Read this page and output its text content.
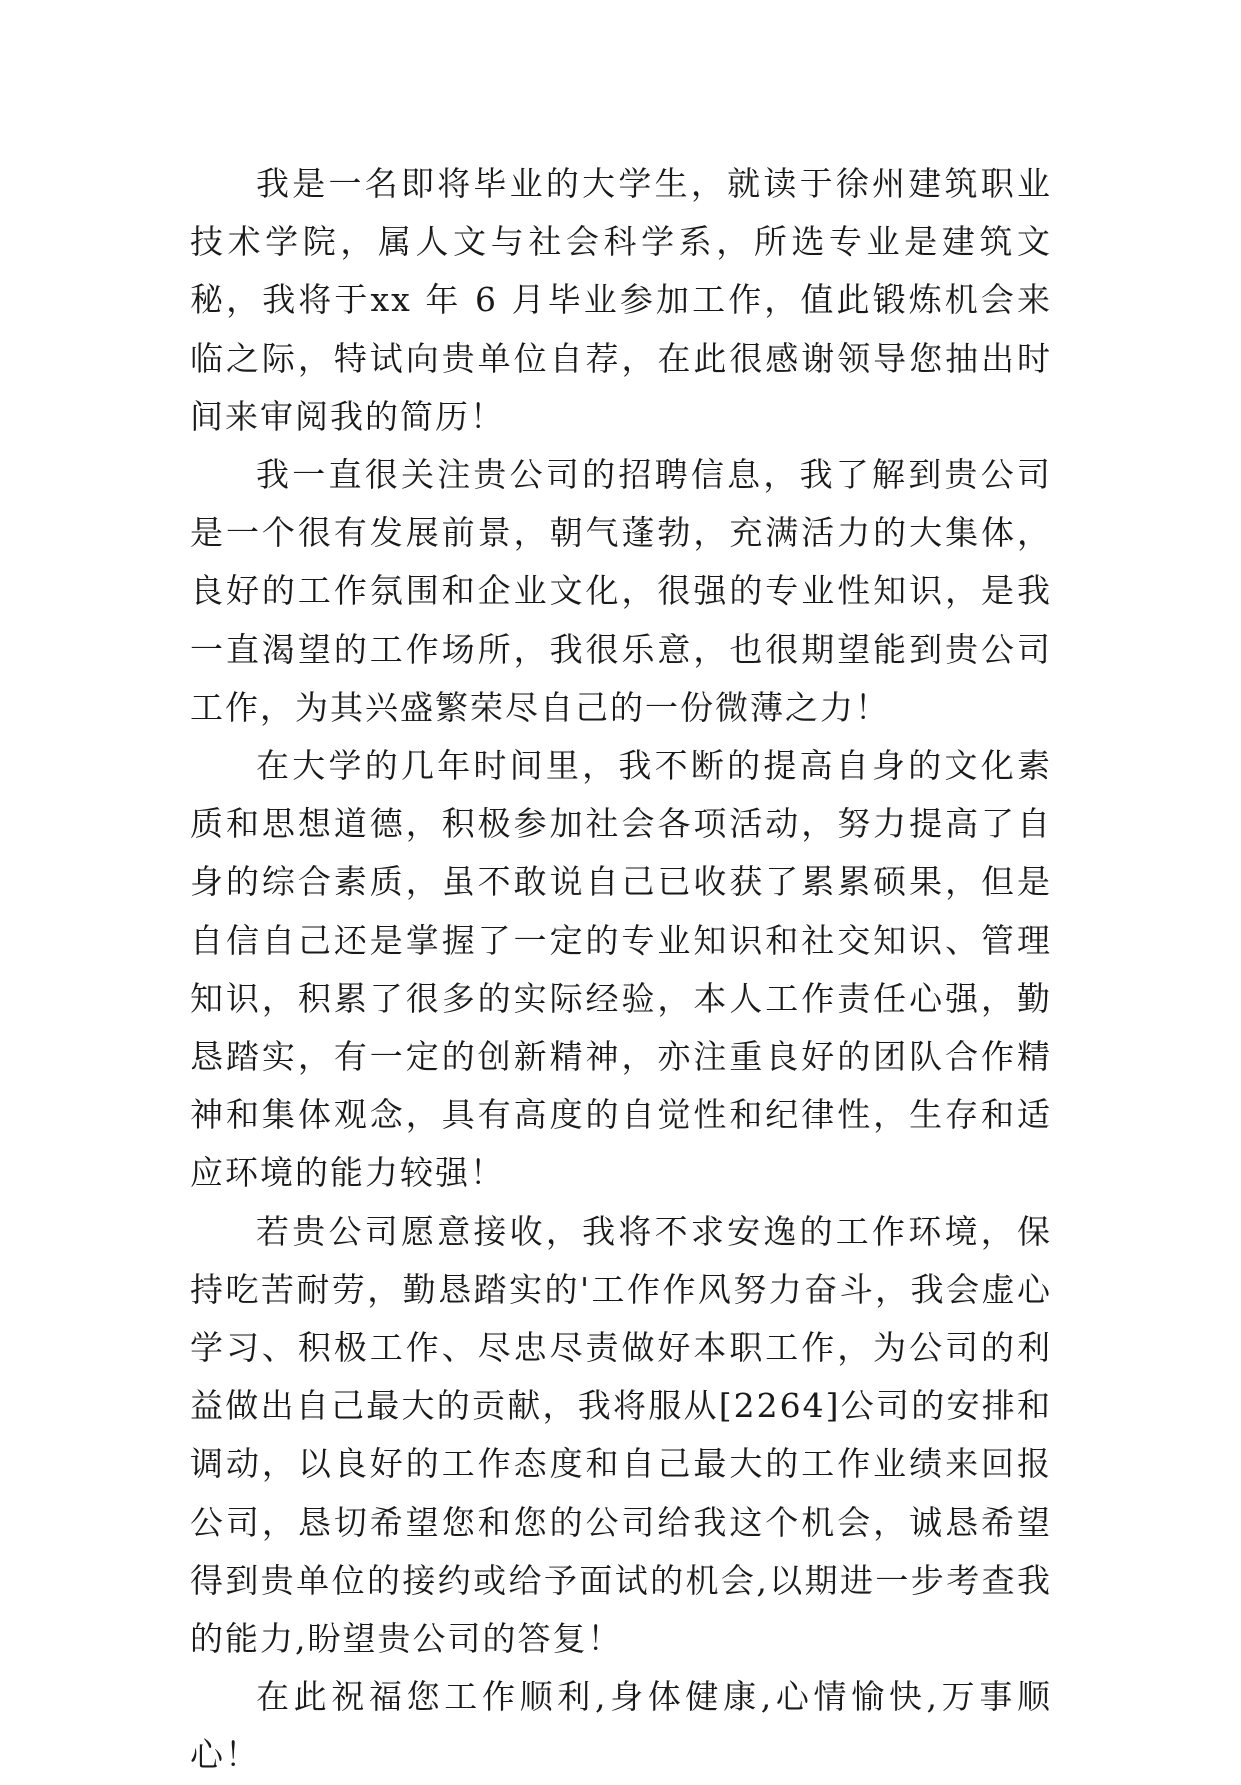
我是一名即将毕业的大学生，就读于徐州建筑职业技术学院，属人文与社会科学系，所选专业是建筑文秘，我将于xx 年 6 月毕业参加工作，值此锻炼机会来临之际，特试向贵单位自荐，在此很感谢领导您抽出时间来审阅我的简历！

我一直很关注贵公司的招聘信息，我了解到贵公司是一个很有发展前景，朝气蓬勃，充满活力的大集体，良好的工作氛围和企业文化，很强的专业性知识，是我一直渴望的工作场所，我很乐意，也很期望能到贵公司工作，为其兴盛繁荣尽自己的一份微薄之力！

在大学的几年时间里，我不断的提高自身的文化素质和思想道德，积极参加社会各项活动，努力提高了自身的综合素质，虽不敢说自己已收获了累累硕果，但是自信自己还是掌握了一定的专业知识和社交知识、管理知识，积累了很多的实际经验，本人工作责任心强，勤恳踏实，有一定的创新精神，亦注重良好的团队合作精神和集体观念，具有高度的自觉性和纪律性，生存和适应环境的能力较强！

若贵公司愿意接收，我将不求安逸的工作环境，保持吃苦耐劳，勤恳踏实的'工作作风努力奋斗，我会虚心学习、积极工作、尽忠尽责做好本职工作，为公司的利益做出自己最大的贡献，我将服从[2264]公司的安排和调动，以良好的工作态度和自己最大的工作业绩来回报公司，恳切希望您和您的公司给我这个机会，诚恳希望得到贵单位的接约或给予面试的机会,以期进一步考查我的能力,盼望贵公司的答复！

在此祝福您工作顺利,身体健康,心情愉快,万事顺心！
